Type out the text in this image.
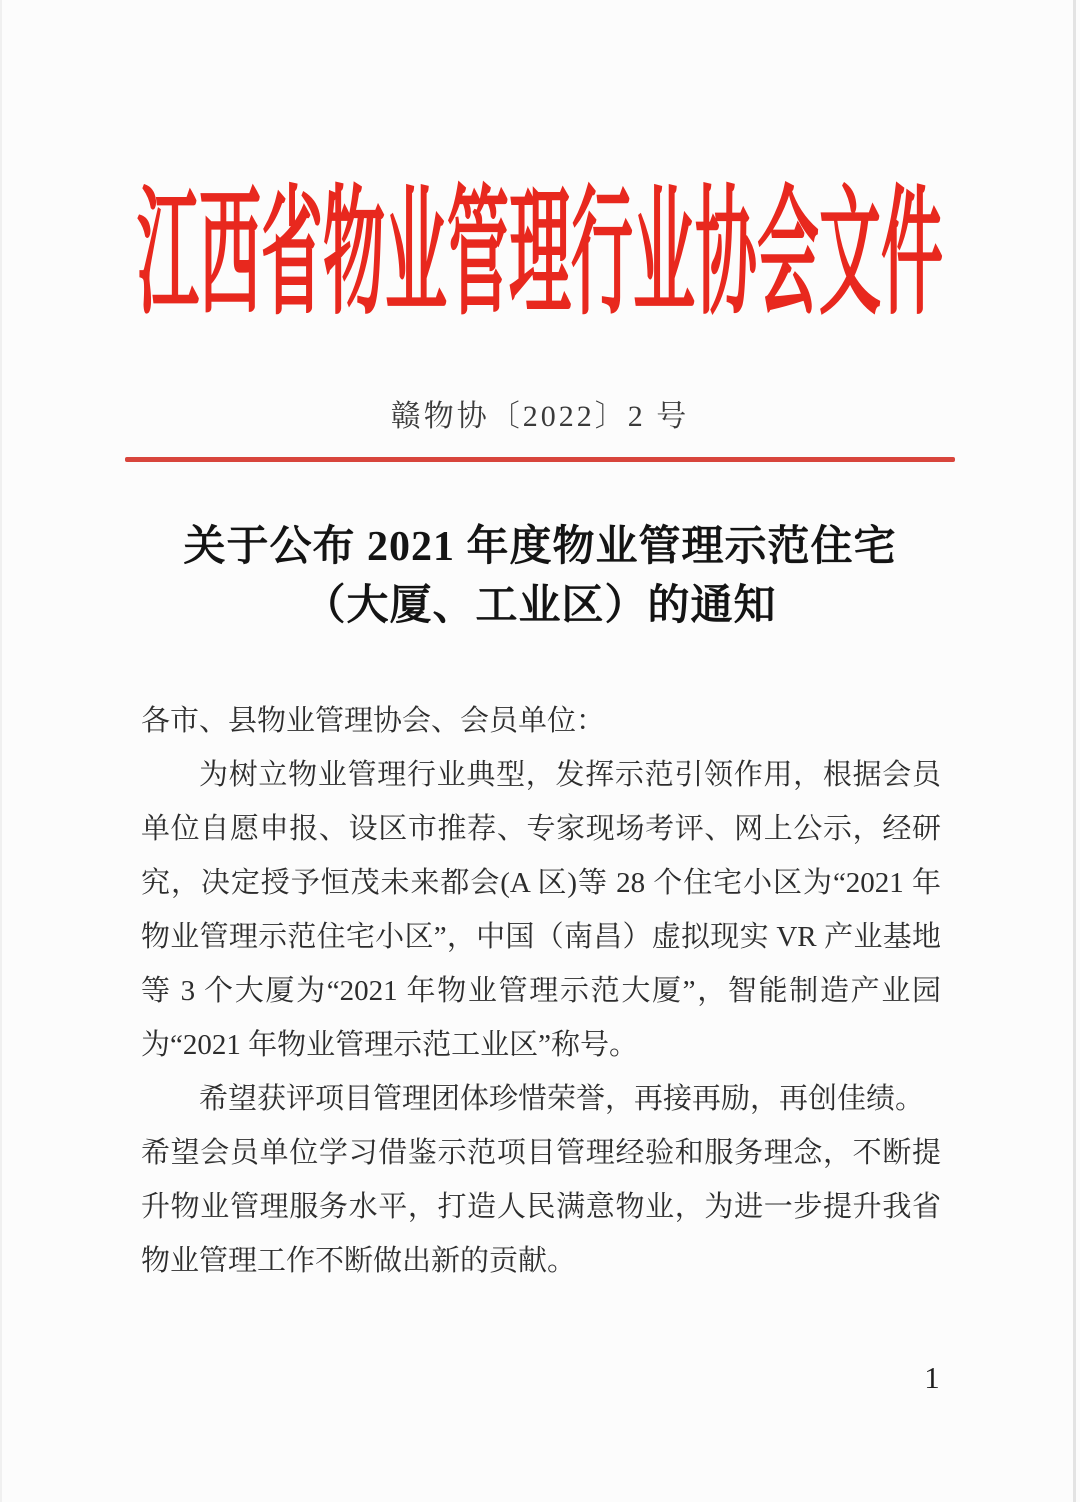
江西省物业管理行业协会文件
赣物协〔2022〕2 号
关于公布 2021 年度物业管理示范住宅
（大厦、工业区）的通知
各市、县物业管理协会、会员单位：
为树立物业管理行业典型，发挥示范引领作用，根据会员
单位自愿申报、设区市推荐、专家现场考评、网上公示，经研
究，决定授予恒茂未来都会(A 区)等 28 个住宅小区为“2021 年
物业管理示范住宅小区”，中国（南昌）虚拟现实 VR 产业基地
等 3 个大厦为“2021 年物业管理示范大厦”，智能制造产业园
为“2021 年物业管理示范工业区”称号。
希望获评项目管理团体珍惜荣誉，再接再励，再创佳绩。
希望会员单位学习借鉴示范项目管理经验和服务理念，不断提
升物业管理服务水平，打造人民满意物业，为进一步提升我省
物业管理工作不断做出新的贡献。
1
